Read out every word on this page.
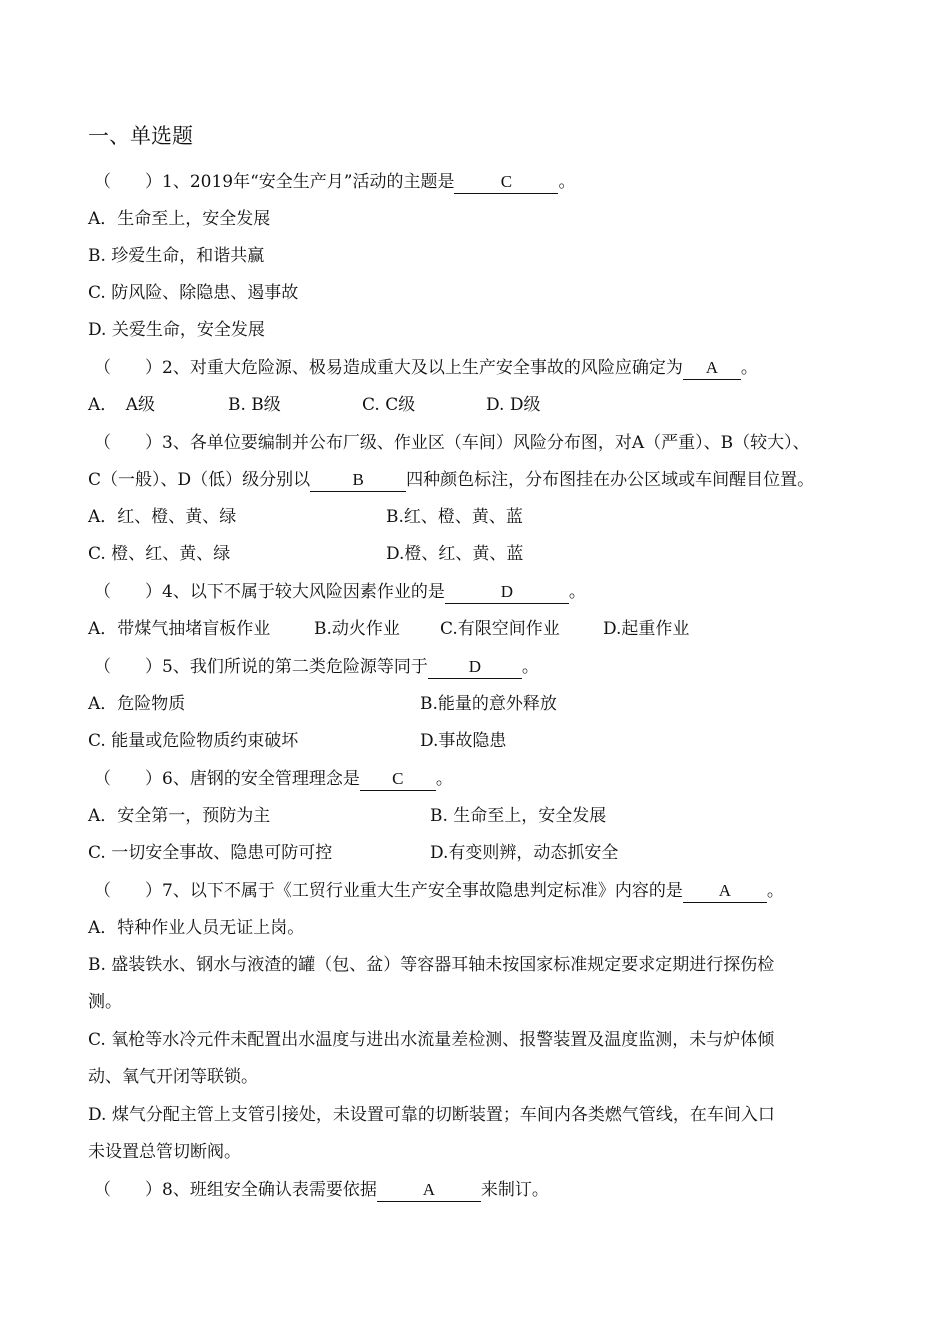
一、单选题
（　　）1、2019年“安全生产月”活动的主题是	C	。
A．生命至上，安全发展
B. 珍爱生命，和谐共赢
C. 防风险、除隐患、遏事故
D. 关爱生命，安全发展
（　　）2、对重大危险源、极易造成重大及以上生产安全事故的风险应确定为 A 。
A．　A级	B. B级	C. C级	D. D级
（　　）3、各单位要编制并公布厂级、作业区（车间）风险分布图，对A（严重）、B（较大）、
C（一般）、D（低）级分别以 B 四种颜色标注，分布图挂在办公区域或车间醒目位置。
A．红、橙、黄、绿	B.红、橙、黄、蓝
C. 橙、红、黄、绿	D.橙、红、黄、蓝
（　　）4、以下不属于较大风险因素作业的是	D	。
A．带煤气抽堵盲板作业	B.动火作业 C.有限空间作业	D.起重作业
（　　）5、我们所说的第二类危险源等同于 D 。
A．危险物质	B.能量的意外释放
C. 能量或危险物质约束破坏	D.事故隐患
（　　）6、唐钢的安全管理理念是 C 。
A．安全第一，预防为主	B. 生命至上，安全发展
C. 一切安全事故、隐患可防可控	D.有变则辨，动态抓安全
（　　）7、以下不属于《工贸行业重大生产安全事故隐患判定标准》内容的是 A 。
A．特种作业人员无证上岗。
B. 盛装铁水、钢水与液渣的罐（包、盆）等容器耳轴未按国家标准规定要求定期进行探伤检
测。
C. 氧枪等水冷元件未配置出水温度与进出水流量差检测、报警装置及温度监测，未与炉体倾
动、氧气开闭等联锁。
D. 煤气分配主管上支管引接处，未设置可靠的切断装置；车间内各类燃气管线，在车间入口
未设置总管切断阀。
（　　）8、班组安全确认表需要依据	A	来制订。
